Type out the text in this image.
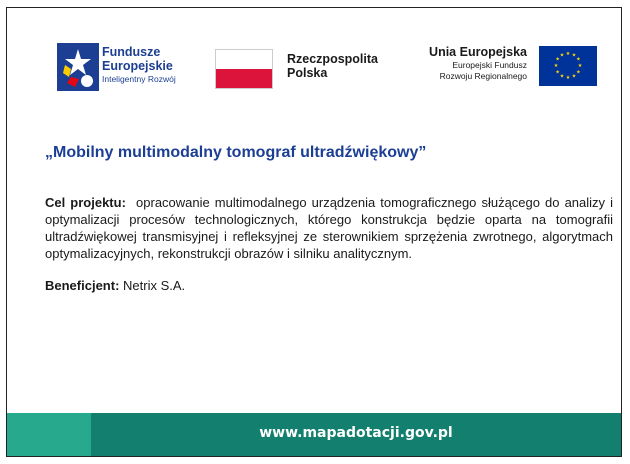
Fundusze
Europejskie
Inteligentny Rozwój
Rzeczpospolita
Polska
Unia Europejska
Europejski Fundusz
Rozwoju Regionalnego
★ ★
★
★
★
★
★
★
★
★
★
★
„Mobilny multimodalny tomograf ultradźwiękowy”

Cel projektu: opracowanie multimodalnego urządzenia tomograficznego służącego do analizy i optymalizacji procesów technologicznych, którego konstrukcja będzie oparta na tomografii ultradźwiękowej transmisyjnej i refleksyjnej ze sterownikiem sprzężenia zwrotnego, algorytmach optymalizacyjnych, rekonstrukcji obrazów i silniku analitycznym.

Beneficjent: Netrix S.A.
www.mapadotacji.gov.pl
